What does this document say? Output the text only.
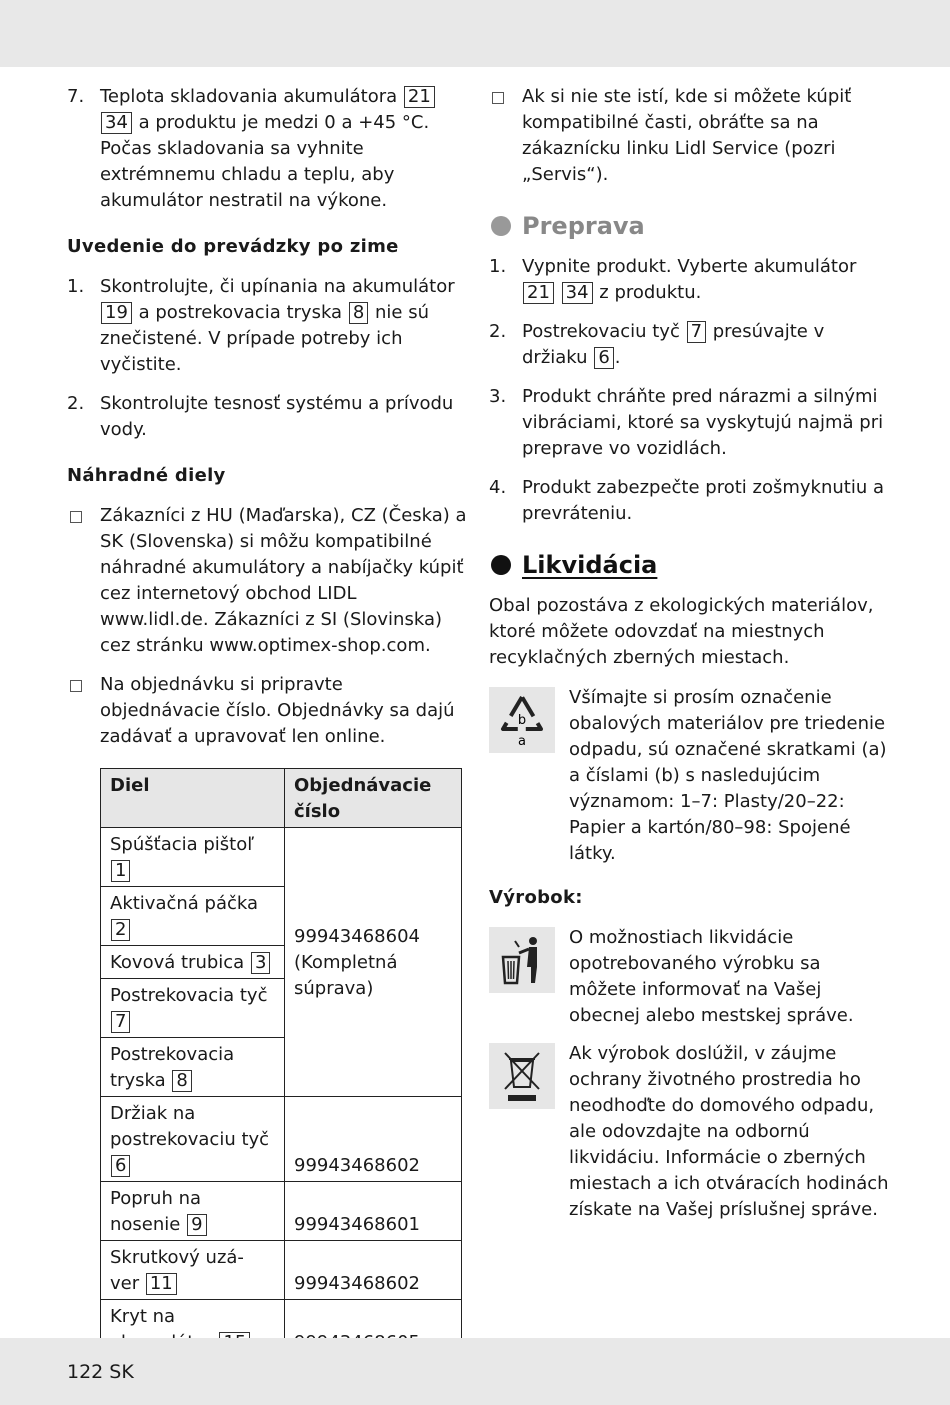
7. Teplota skladovania akumulátora 21 34 a produktu je medzi 0 a +45 °C. Počas skladovania sa vyhnite extrémnemu chladu a teplu, aby akumulátor nestratil na výkone.
Uvedenie do prevádzky po zime
1. Skontrolujte, či upínania na akumulátor 19 a postrekovacia tryska 8 nie sú znečistené. V prípade potreby ich vyčistite.
2. Skontrolujte tesnosť systému a prívodu vody.
Náhradné diely
Zákazníci z HU (Maďarska), CZ (Česka) a SK (Slovenska) si môžu kompatibilné náhradné akumulátory a nabíjačky kúpiť cez internetový obchod LIDL www.lidl.de. Zákazníci z SI (Slovinska) cez stránku www.optimex-shop.com.
Na objednávku si pripravte objednávacie číslo. Objednávky sa dajú zadávať a upravovať len online.
Diel	Objednávacie číslo
Spúšťacia pištoľ 1	99943468604 (Kompletná súprava)
Aktivačná páčka 2	
Kovová trubica 3	
Postrekovacia tyč 7	
Postrekovacia tryska 8	
Držiak na postrekovaciu tyč 6	99943468602
Popruh na nosenie 9	99943468601
Skrutkový uzá- ver 11	99943468602
Kryt na	
Ak si nie ste istí, kde si môžete kúpiť kompatibilné časti, obráťte sa na zákaznícku linku Lidl Service (pozri „Servis“).
Preprava
1. Vypnite produkt. Vyberte akumulátor 21 34 z produktu.
2. Postrekovaciu tyč 7 presúvajte v držiaku 6 .
3. Produkt chráňte pred nárazmi a silnými vibráciami, ktoré sa vyskytujú najmä pri preprave vo vozidlách.
4. Produkt zabezpečte proti zošmyknutiu a prevráteniu.
Likvidácia

Obal pozostáva z ekologických materiálov, ktoré môžete odovzdať na miestnych recyklačných zberných miestach.

b
a
Všímajte si prosím označenie obalových materiálov pre triedenie odpadu, sú označené skratkami (a) a číslami (b) s nasledujúcim významom: 1–7: Plasty/20–22: Papier a kartón/80–98: Spojené látky.
Výrobok:
O možnostiach likvidácie opotrebovaného výrobku sa môžete informovať na Vašej obecnej alebo mestskej správe.
Ak výrobok doslúžil, v záujme ochrany životného prostredia ho neodhoďte do domového odpadu, ale odovzdajte na odbornú likvidáciu. Informácie o zberných miestach a ich otváracích hodinách získate na Vašej príslušnej správe.
122 SK
